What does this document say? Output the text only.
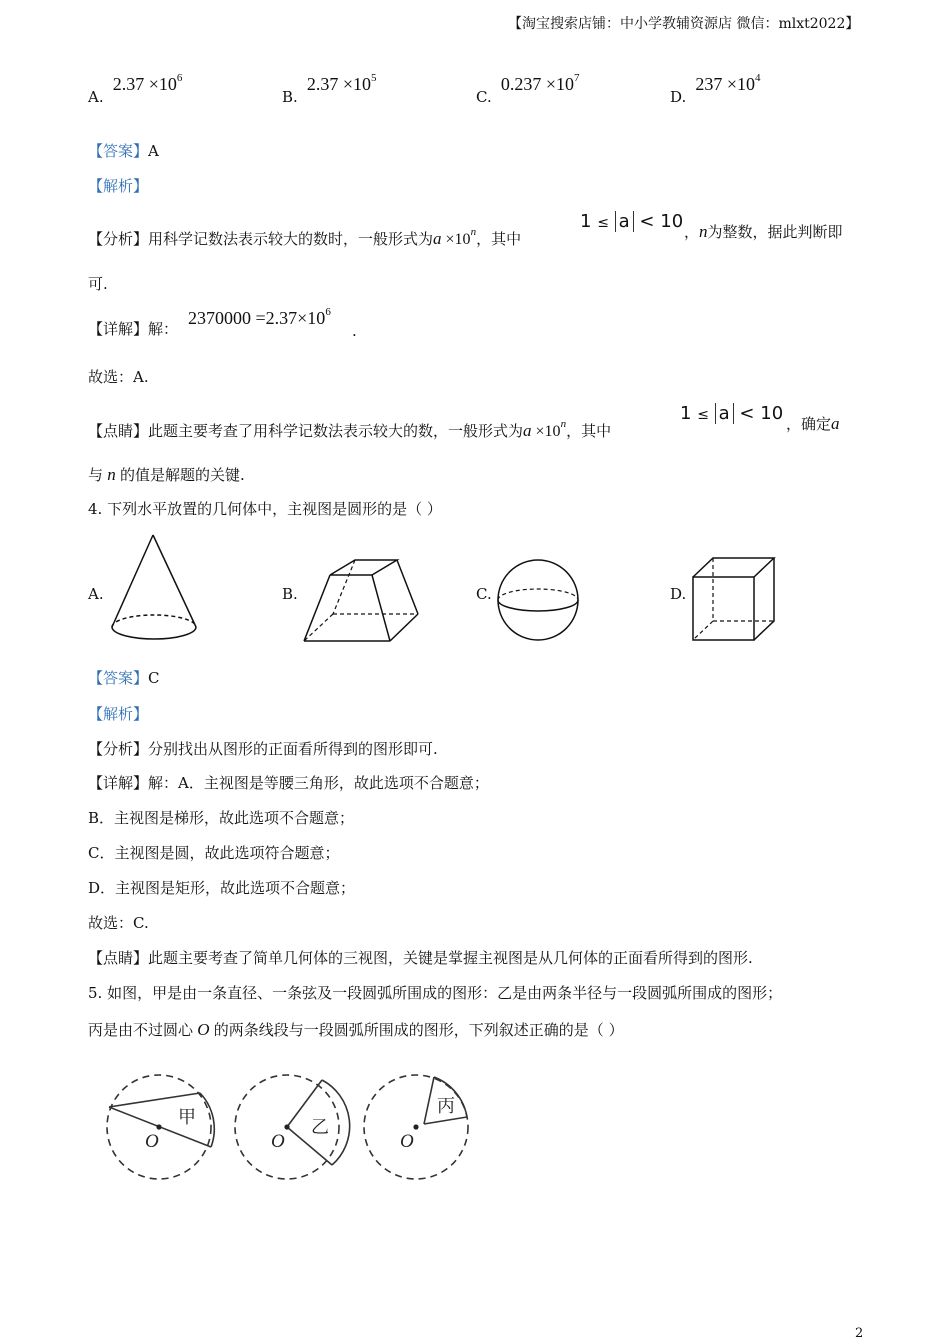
【淘宝搜索店铺：中小学教辅资源店 微信：mlxt2022】
A. $2.37 \times 10^6$
B. $2.37 \times 10^5$
C. $0.237 \times 10^7$
D. $237 \times 10^4$
【答案】A
【解析】
【分析】用科学记数法表示较大的数时，一般形式为$a \times 10^n$，其中
1 ≤ a < 10 ，n为整数，据此判断即
可.
【详解】解：
$2370000 =2.37\times 10^6$
.
故选：A.
【点睛】此题主要考查了用科学记数法表示较大的数，一般形式为$a \times 10^n$，其中
1 ≤ a < 10 ，确定a
与 n 的值是解题的关键.
4. 下列水平放置的几何体中，主视图是圆形的是（ ）
A.	B.	C.	D.
【答案】C
【解析】
【分析】分别找出从图形的正面看所得到的图形即可.
【详解】解：A．主视图是等腰三角形，故此选项不合题意；
B．主视图是梯形，故此选项不合题意；
C．主视图是圆，故此选项符合题意；
D．主视图是矩形，故此选项不合题意；
故选：C.
【点睛】此题主要考查了简单几何体的三视图，关键是掌握主视图是从几何体的正面看所得到的图形.
5. 如图，甲是由一条直径、一条弦及一段圆弧所围成的图形：乙是由两条半径与一段圆弧所围成的图形；
丙是由不过圆心 O 的两条线段与一段圆弧所围成的图形，下列叙述正确的是（ ）
甲
O
乙
O
丙
O
2
